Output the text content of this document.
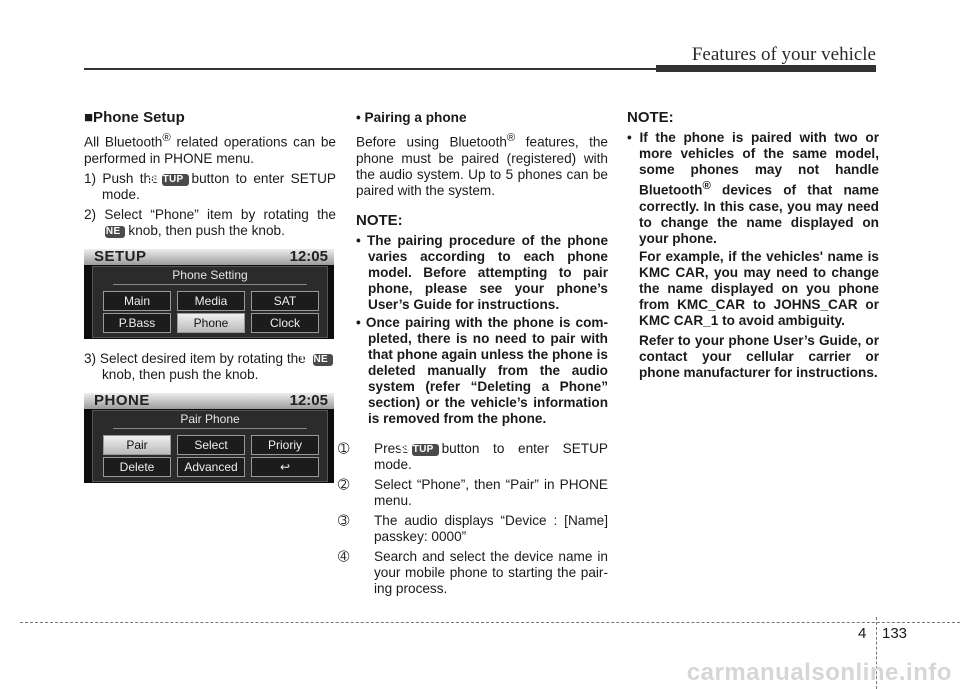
Features of your vehicle
■Phone Setup

All Bluetooth® related operations can be performed in PHONE menu.

1) Push theSETUP button to enter SETUP mode.

2) Select “Phone” item by rotating the TUNE knob, then push the knob.

SETUP	12:05
Phone Setting
Main	Media	SAT
P.Bass	Phone	Clock

3) Select desired item by rotating the TUNEknob, then push the knob.

PHONE	12:05
Pair Phone
Pair	Select	Prioriy
Delete	Advanced	↩

• Pairing a phone

Before using Bluetooth® features, the phone must be paired (registered) with the audio system. Up to 5 phones can be paired with the system.

NOTE:
• The pairing procedure of the phone varies according to each phone model. Before attempting to pair phone, please see your phone’s User’s Guide for instructions.
• Once pairing with the phone is com-pleted, there is no need to pair with that phone again unless the phone is deleted manually from the audio system (refer “Deleting a Phone” section) or the vehicle’s information is removed from the phone.

➀ PressSETUP button to enter SETUP mode.

➁ Select “Phone”, then “Pair” in PHONE menu.

➂ The audio displays “Device : [Name] passkey: 0000”

➃ Search and select the device name in your mobile phone to starting the pair-ing process.

NOTE:
• If the phone is paired with two or more vehicles of the same model, some phones may not handle Bluetooth® devices of that name correctly. In this case, you may need to change the name displayed on your phone.
For example, if the vehicles' name is KMC CAR, you may need to change the name displayed on you phone from KMC_CAR to JOHNS_CAR or KMC CAR_1 to avoid ambiguity.
Refer to your phone User’s Guide, or contact your cellular carrier or phone manufacturer for instructions.
4 133
carmanualsonline.info
